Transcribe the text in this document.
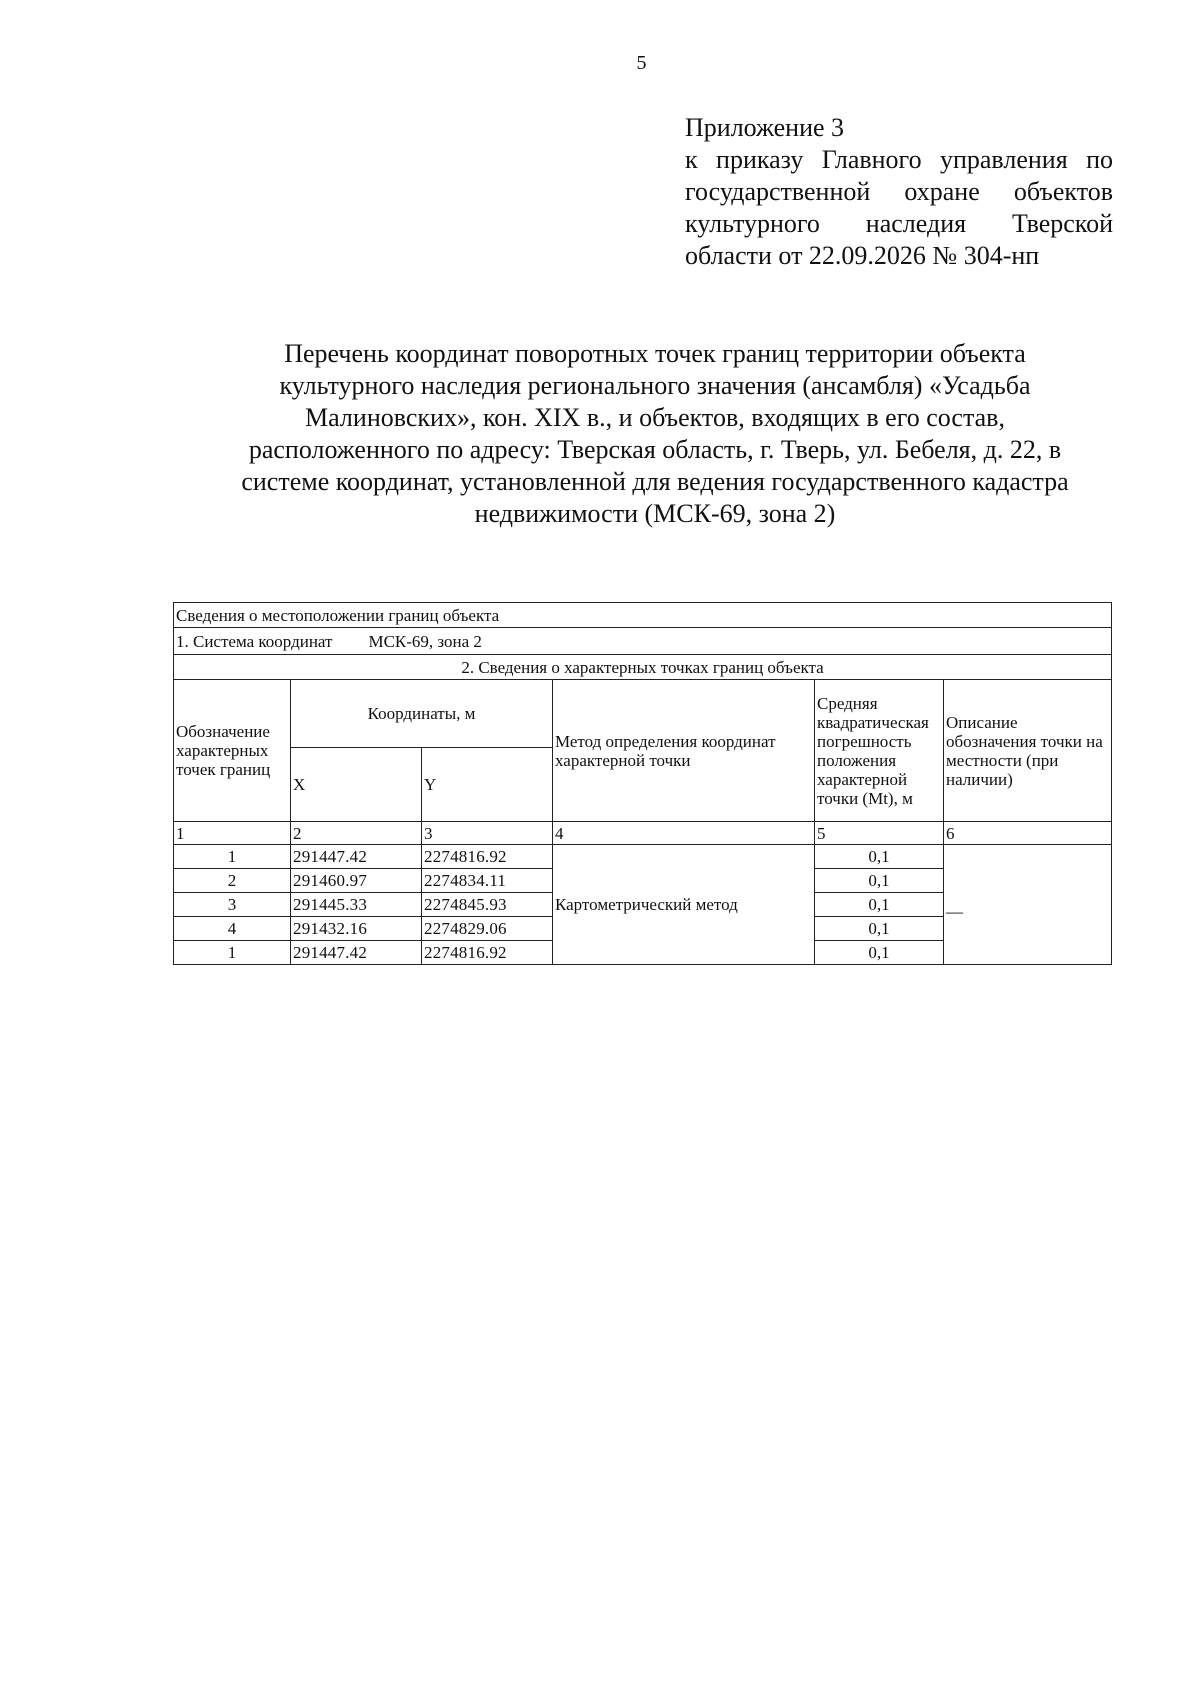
5
Приложение 3
к приказу Главного управления по
государственной охране объектов
культурного наследия Тверской
области от 22.09.2026 № 304-нп
Перечень координат поворотных точек границ территории объекта
культурного наследия регионального значения (ансамбля) «Усадьба
Малиновских», кон. XIX в., и объектов, входящих в его состав,
расположенного по адресу: Тверская область, г. Тверь, ул. Бебеля, д. 22, в
системе координат, установленной для ведения государственного кадастра
недвижимости (МСК-69, зона 2)
Сведения о местоположении границ объекта					
1. Система координат МСК-69, зона 2					
2. Сведения о характерных точках границ объекта					
Обозначение характерных точек границ	Координаты, м		Метод определения координат характерной точки	Средняя квадратическая погрешность положения характерной точки (Mt), м	Описание обозначения точки на местности (при наличии)
	X	Y			
1	2	3	4	5	6
1	291447.42	2274816.92	Картометрический метод	0,1	—
2	291460.97	2274834.11		0,1	
3	291445.33	2274845.93		0,1	
4	291432.16	2274829.06		0,1	
1	291447.42	2274816.92		0,1	
